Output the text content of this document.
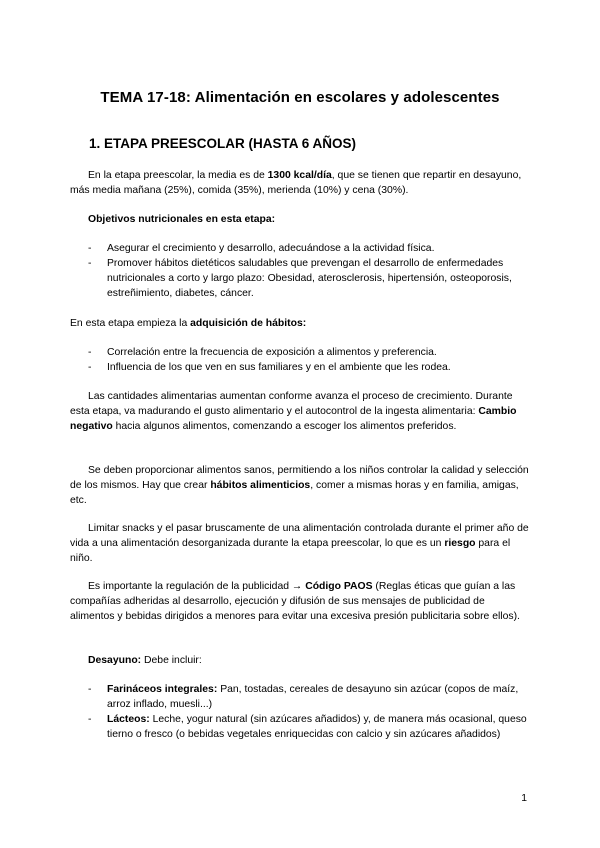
TEMA 17-18: Alimentación en escolares y adolescentes
1. ETAPA PREESCOLAR (HASTA 6 AÑOS)

En la etapa preescolar, la media es de 1300 kcal/día, que se tienen que repartir en desayuno, más media mañana (25%), comida (35%), merienda (10%) y cena (30%).

Objetivos nutricionales en esta etapa:
- Asegurar el crecimiento y desarrollo, adecuándose a la actividad física.
- Promover hábitos dietéticos saludables que prevengan el desarrollo de enfermedades nutricionales a corto y largo plazo: Obesidad, aterosclerosis, hipertensión, osteoporosis, estreñimiento, diabetes, cáncer.

En esta etapa empieza la adquisición de hábitos:

- Correlación entre la frecuencia de exposición a alimentos y preferencia.
- Influencia de los que ven en sus familiares y en el ambiente que les rodea.

Las cantidades alimentarias aumentan conforme avanza el proceso de crecimiento. Durante esta etapa, va madurando el gusto alimentario y el autocontrol de la ingesta alimentaria: Cambio negativo hacia algunos alimentos, comenzando a escoger los alimentos preferidos.

Se deben proporcionar alimentos sanos, permitiendo a los niños controlar la calidad y selección de los mismos. Hay que crear hábitos alimenticios, comer a mismas horas y en familia, amigas, etc.

Limitar snacks y el pasar bruscamente de una alimentación controlada durante el primer año de vida a una alimentación desorganizada durante la etapa preescolar, lo que es un riesgo para el niño.

Es importante la regulación de la publicidad → Código PAOS (Reglas éticas que guían a las compañías adheridas al desarrollo, ejecución y difusión de sus mensajes de publicidad de alimentos y bebidas dirigidos a menores para evitar una excesiva presión publicitaria sobre ellos).

Desayuno: Debe incluir:
- Farináceos integrales: Pan, tostadas, cereales de desayuno sin azúcar (copos de maíz, arroz inflado, muesli...)
- Lácteos: Leche, yogur natural (sin azúcares añadidos) y, de manera más ocasional, queso tierno o fresco (o bebidas vegetales enriquecidas con calcio y sin azúcares añadidos)
1
